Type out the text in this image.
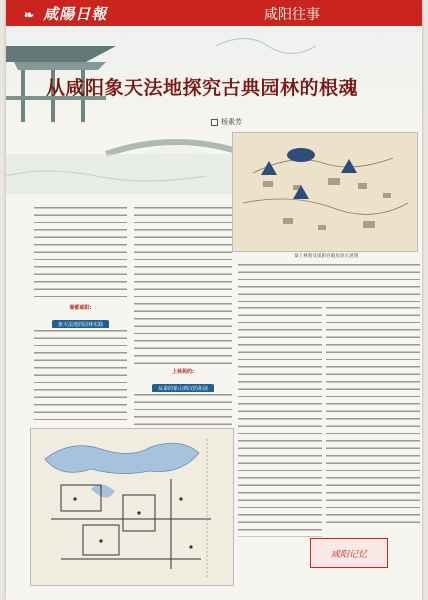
❧ 咸陽日報	咸阳往事
从咸阳象天法地探究古典园林的根魂
杨素芳
秦上林苑及咸阳宫殿复原示意图
秦都咸阳:
象天法地的园林实践
上林苑的:
从秦的象山到汉的拓展
咸阳记忆
